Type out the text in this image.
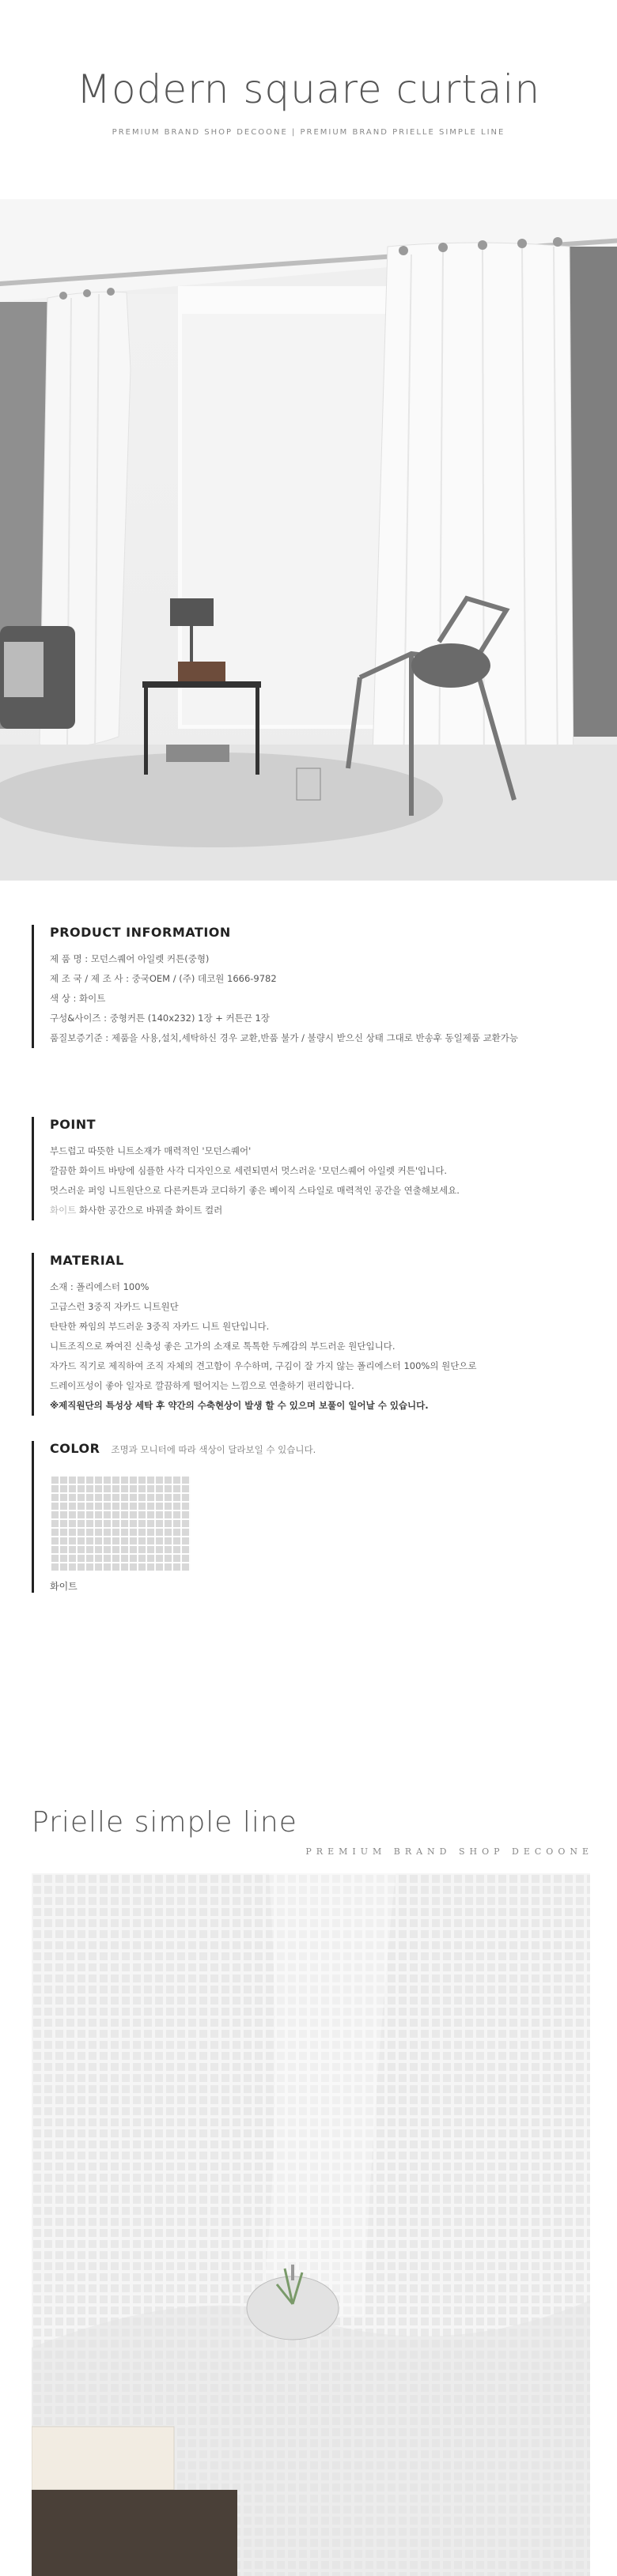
Modern square curtain
PREMIUM BRAND SHOP DECOONE | PREMIUM BRAND PRIELLE SIMPLE LINE
PRODUCT INFORMATION
제 품 명 : 모던스퀘어 아일렛 커튼(중형)
제 조 국 / 제 조 사 : 중국OEM / (주) 데코원 1666-9782
색 상 : 화이트
구성&사이즈 : 중형커튼 (140x232) 1장 + 커튼끈 1장
품질보증기준 : 제품을 사용,설치,세탁하신 경우 교환,반품 불가 / 불량시 받으신 상태 그대로 반송후 동일제품 교환가능
POINT
부드럽고 따뜻한 니트소재가 매력적인 '모던스퀘어'
깔끔한 화이트 바탕에 심플한 사각 디자인으로 세련되면서 멋스러운 '모던스퀘어 아일렛 커튼'입니다.
멋스러운 퍼잉 니트원단으로 다른커튼과 코디하기 좋은 베이직 스타일로 매력적인 공간을 연출해보세요.
화이트 화사한 공간으로 바꿔줄 화이트 컬러
MATERIAL
소재 : 폴리에스터 100%
고급스런 3중직 자카드 니트원단
탄탄한 짜임의 부드러운 3중직 자카드 니트 원단입니다.
니트조직으로 짜여진 신축성 좋은 고가의 소재로 톡톡한 두께감의 부드러운 원단입니다.
자가드 직기로 제직하여 조직 자체의 견고함이 우수하며, 구김이 잘 가지 않는 폴리에스터 100%의 원단으로
드레이프성이 좋아 일자로 깔끔하게 떨어지는 느낌으로 연출하기 편리합니다.
※제직원단의 특성상 세탁 후 약간의 수축현상이 발생 할 수 있으며 보풀이 일어날 수 있습니다.
COLOR 조명과 모니터에 따라 색상이 달라보일 수 있습니다.
화이트
Prielle simple line
PREMIUM BRAND SHOP DECOONE
